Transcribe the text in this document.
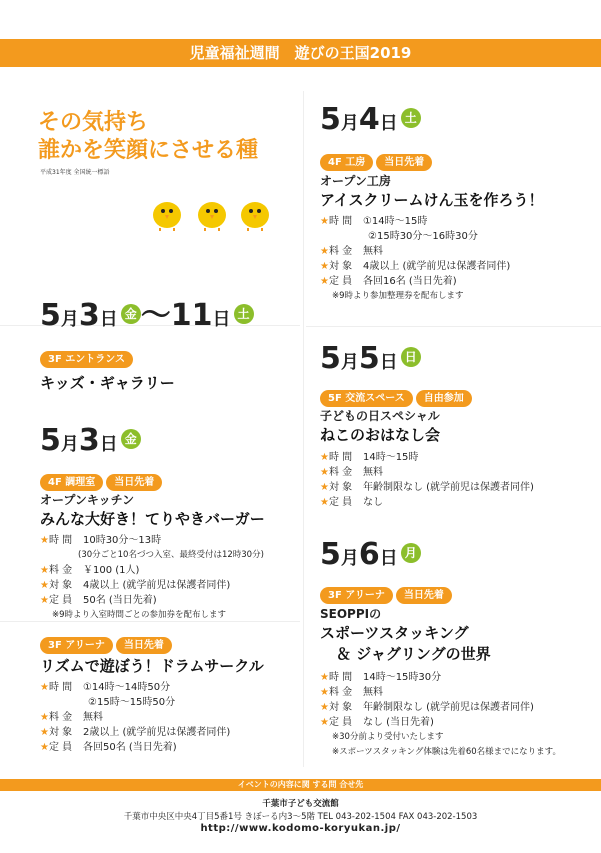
児童福祉週間　遊びの王国2019
その気持ち
誰かを笑顔にさせる種
平成31年度 全国統一標語
5月4日 土
4F 工房 当日先着
オープン工房
アイスクリームけん玉を作ろう！
★時 間 ①14時～15時
②15時30分～16時30分
★料 金 無料
★対 象 4歳以上 (就学前児は保護者同伴)
★定 員 各回16名 (当日先着)
※9時より参加整理券を配布します
5月3日 金 ～11日 土
3F エントランス
キッズ・ギャラリー
5月5日 日
5F 交流スペース 自由参加
子どもの日スペシャル
ねこのおはなし会
★時 間 14時～15時
★料 金 無料
★対 象 年齢制限なし (就学前児は保護者同伴)
★定 員 なし
5月3日 金
4F 調理室 当日先着
オープンキッチン
みんな大好き！てりやきバーガー
★時 間 10時30分～13時
(30分ごと10名づつ入室、最終受付は12時30分)
★料 金 ￥100 (1人)
★対 象 4歳以上 (就学前児は保護者同伴)
★定 員 50名 (当日先着)
※9時より入室時間ごとの参加券を配布します
3F アリーナ 当日先着
リズムで遊ぼう！ドラムサークル
★時 間 ①14時～14時50分
②15時～15時50分
★料 金 無料
★対 象 2歳以上 (就学前児は保護者同伴)
★定 員 各回50名 (当日先着)
5月6日 月
3F アリーナ 当日先着
SEOPPIの
スポーツスタッキング
＆ ジャグリングの世界
★時 間 14時～15時30分
★料 金 無料
★対 象 年齢制限なし (就学前児は保護者同伴)
★定 員 なし (当日先着)
※30分前より受付いたします
※スポーツスタッキング体験は先着60名様までになります。
イベントの内容に関 する問 合せ先
千葉市子ども交流館
千葉市中央区中央4丁目5番1号 きぼーる内3～5階 TEL 043-202-1504 FAX 043-202-1503
http://www.kodomo-koryukan.jp/
